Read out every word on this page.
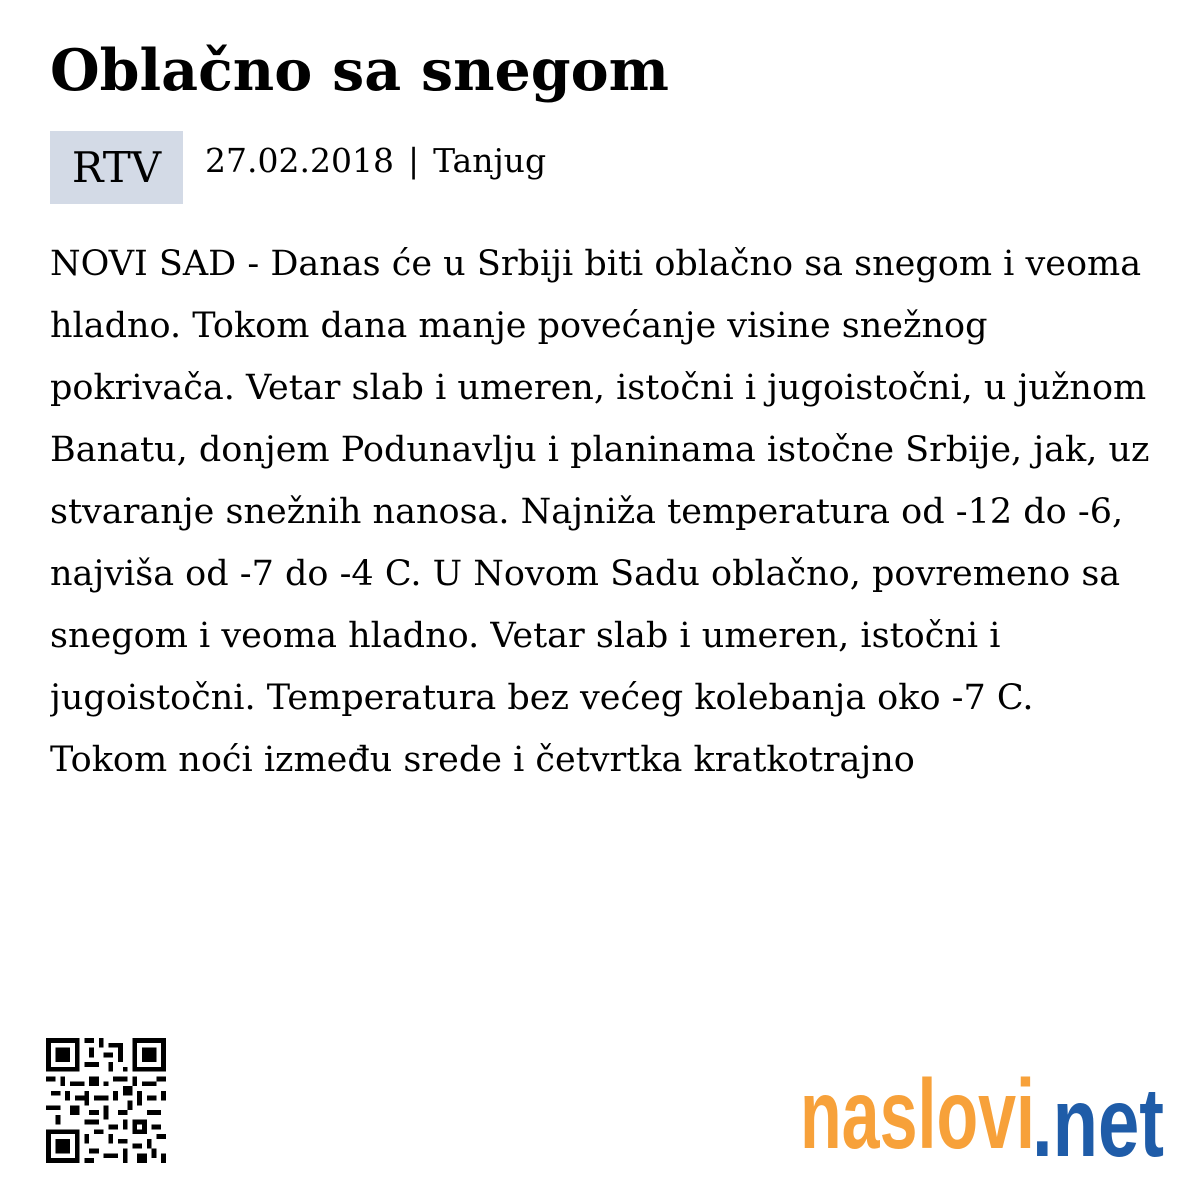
Oblačno sa snegom
RTV	27.02.2018 | Tanjug

NOVI SAD - Danas će u Srbiji biti oblačno sa snegom i veoma hladno. Tokom dana manje povećanje visine snežnog pokrivača. Vetar slab i umeren, istočni i jugoistočni, u južnom Banatu, donjem Podunavlju i planinama istočne Srbije, jak, uz stvaranje snežnih nanosa. Najniža temperatura od -12 do -6, najviša od -7 do -4 C. U Novom Sadu oblačno, povremeno sa snegom i veoma hladno. Vetar slab i umeren, istočni i jugoistočni. Temperatura bez većeg kolebanja oko -7 C. Tokom noći između srede i četvrtka kratkotrajno

naslovi
.net
